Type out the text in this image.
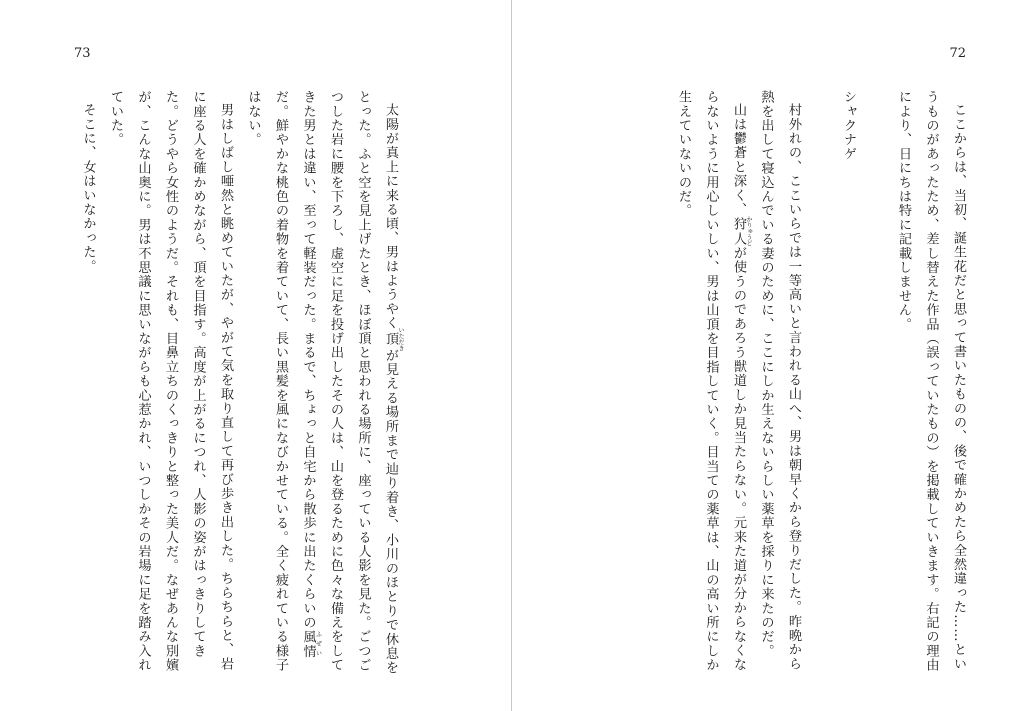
73

太陽が真上に来る頃、男はようやく頂 いただきが見える場所まで辿り着き、小川のほとりで休息をとった。ふと空を見上げたとき、ほぼ頂と思われる場所に、座っている人影を見た。ごつごつした岩に腰を下ろし、虚空に足を投げ出したその人は、山を登るために色々な備えをしてきた男とは違い、至って軽装だった。まるで、ちょっと自宅から散歩に出たくらいの風情 ふぜいだ。鮮やかな桃色の着物を着ていて、長い黒髪を風になびかせている。全く疲れている様子はない。

男はしばし唖然と眺めていたが、やがて気を取り直して再び歩き出した。ちらちらと、岩に座る人を確かめながら、頂を目指す。高度が上がるにつれ、人影の姿がはっきりしてきた。どうやら女性のようだ。それも、目鼻立ちのくっきりと整った美人だ。なぜあんな別嬪が、こんな山奥に。男は不思議に思いながらも心惹かれ、いつしかその岩場に足を踏み入れていた。

そこに、女はいなかった。

72

ここからは、当初、誕生花だと思って書いたものの、後で確かめたら全然違った……というものがあったため、差し替えた作品（誤っていたもの）を掲載していきます。右記の理由により、日にちは特に記載しません。

シャクナゲ

村外れの、ここいらでは一等高いと言われる山へ、男は朝早くから登りだした。昨晩から熱を出して寝込んでいる妻のために、ここにしか生えないらしい薬草を採りに来たのだ。

山は鬱蒼と深く、狩人 かりゅうどが使うのであろう獣道しか見当たらない。元来た道が分からなくならないように用心しいしい、男は山頂を目指していく。目当ての薬草は、山の高い所にしか生えていないのだ。
